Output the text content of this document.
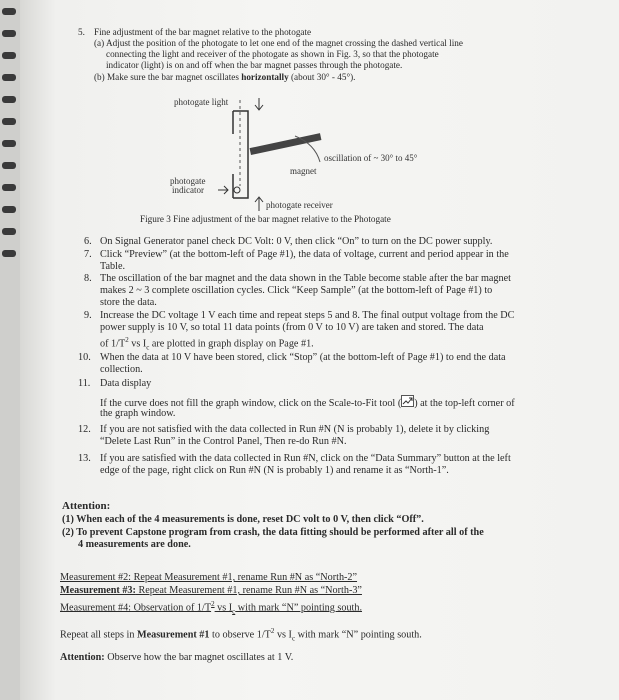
5. Fine adjustment of the bar magnet relative to the photogate
(a) Adjust the position of the photogate to let one end of the magnet crossing the dashed vertical line
connecting the light and receiver of the photogate as shown in Fig. 3, so that the photogate
indicator (light) is on and off when the bar magnet passes through the photogate.
(b) Make sure the bar magnet oscillates horizontally (about 30° - 45°).
photogate light
oscillation of ~ 30° to 45°
magnet
photogate
indicator
photogate receiver
Figure 3 Fine adjustment of the bar magnet relative to the Photogate
6. On Signal Generator panel check DC Volt: 0 V, then click “On” to turn on the DC power supply.
7. Click “Preview” (at the bottom-left of Page #1), the data of voltage, current and period appear in the
Table.
8. The oscillation of the bar magnet and the data shown in the Table become stable after the bar magnet
makes 2 ~ 3 complete oscillation cycles. Click “Keep Sample” (at the bottom-left of Page #1) to
store the data.
9. Increase the DC voltage 1 V each time and repeat steps 5 and 8. The final output voltage from the DC
power supply is 10 V, so total 11 data points (from 0 V to 10 V) are taken and stored. The data
of $1/T^2$ vs $I_c$ are plotted in graph display on Page #1.
10. When the data at 10 V have been stored, click “Stop” (at the bottom-left of Page #1) to end the data
collection.
11. Data display
If the curve does not fill the graph window, click on the Scale-to-Fit tool ( ) at the top-left corner of
the graph window.
12. If you are not satisfied with the data collected in Run #N (N is probably 1), delete it by clicking
“Delete Last Run” in the Control Panel, Then re-do Run #N.
13. If you are satisfied with the data collected in Run #N, click on the “Data Summary” button at the left
edge of the page, right click on Run #N (N is probably 1) and rename it as “North-1”.
Attention:
(1) When each of the 4 measurements is done, reset DC volt to 0 V, then click “Off”.
(2) To prevent Capstone program from crash, the data fitting should be performed after all of the
4 measurements are done.
Measurement #2: Repeat Measurement #1, rename Run #N as “North-2”
Measurement #3: Repeat Measurement #1, rename Run #N as “North-3”
Measurement #4: Observation of $1/T^2$ vs $I_c$ with mark “N” pointing south.
Repeat all steps in Measurement #1 to observe $1/T^2$ vs $I_c$ with mark “N” pointing south.
Attention: Observe how the bar magnet oscillates at 1 V.
